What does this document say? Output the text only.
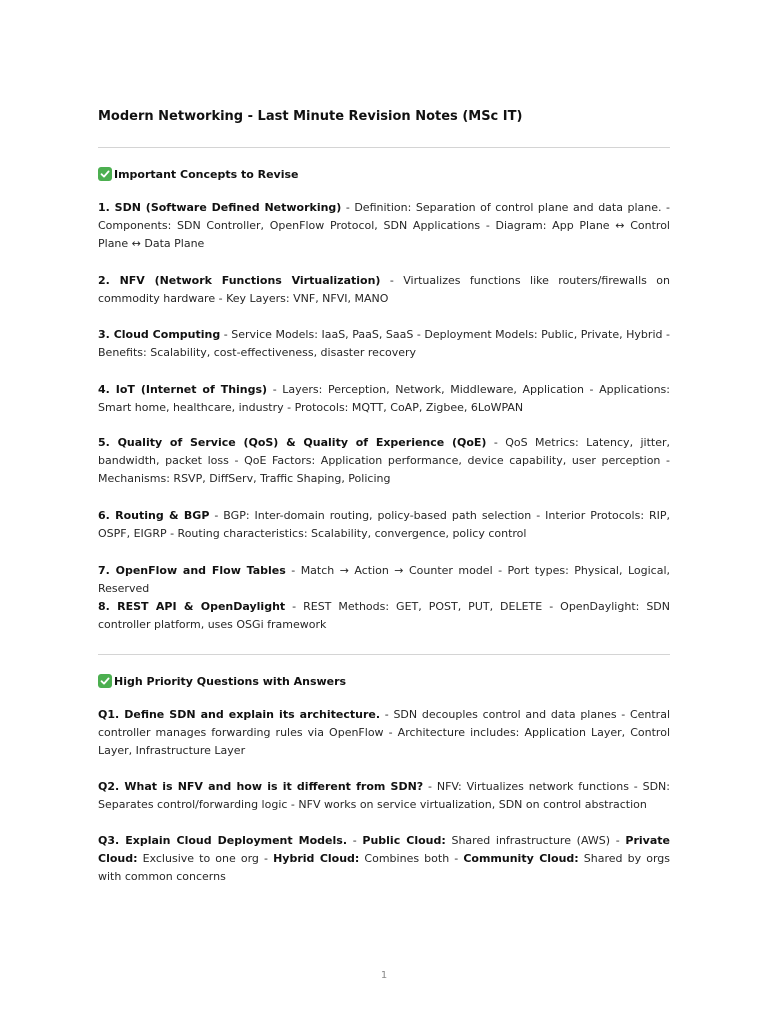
Modern Networking - Last Minute Revision Notes (MSc IT)
Important Concepts to Revise
1. SDN (Software Defined Networking) - Definition: Separation of control plane and data plane. - Components: SDN Controller, OpenFlow Protocol, SDN Applications - Diagram: App Plane ↔ Control Plane ↔ Data Plane
2. NFV (Network Functions Virtualization) - Virtualizes functions like routers/firewalls on commodity hardware - Key Layers: VNF, NFVI, MANO
3. Cloud Computing - Service Models: IaaS, PaaS, SaaS - Deployment Models: Public, Private, Hybrid - Benefits: Scalability, cost-effectiveness, disaster recovery
4. IoT (Internet of Things) - Layers: Perception, Network, Middleware, Application - Applications: Smart home, healthcare, industry - Protocols: MQTT, CoAP, Zigbee, 6LoWPAN
5. Quality of Service (QoS) & Quality of Experience (QoE) - QoS Metrics: Latency, jitter, bandwidth, packet loss - QoE Factors: Application performance, device capability, user perception - Mechanisms: RSVP, DiffServ, Traffic Shaping, Policing
6. Routing & BGP - BGP: Inter-domain routing, policy-based path selection - Interior Protocols: RIP, OSPF, EIGRP - Routing characteristics: Scalability, convergence, policy control
7. OpenFlow and Flow Tables - Match → Action → Counter model - Port types: Physical, Logical, Reserved
8. REST API & OpenDaylight - REST Methods: GET, POST, PUT, DELETE - OpenDaylight: SDN controller platform, uses OSGi framework
High Priority Questions with Answers
Q1. Define SDN and explain its architecture. - SDN decouples control and data planes - Central controller manages forwarding rules via OpenFlow - Architecture includes: Application Layer, Control Layer, Infrastructure Layer
Q2. What is NFV and how is it different from SDN? - NFV: Virtualizes network functions - SDN: Separates control/forwarding logic - NFV works on service virtualization, SDN on control abstraction
Q3. Explain Cloud Deployment Models. - Public Cloud: Shared infrastructure (AWS) - Private Cloud: Exclusive to one org - Hybrid Cloud: Combines both - Community Cloud: Shared by orgs with common concerns
1
